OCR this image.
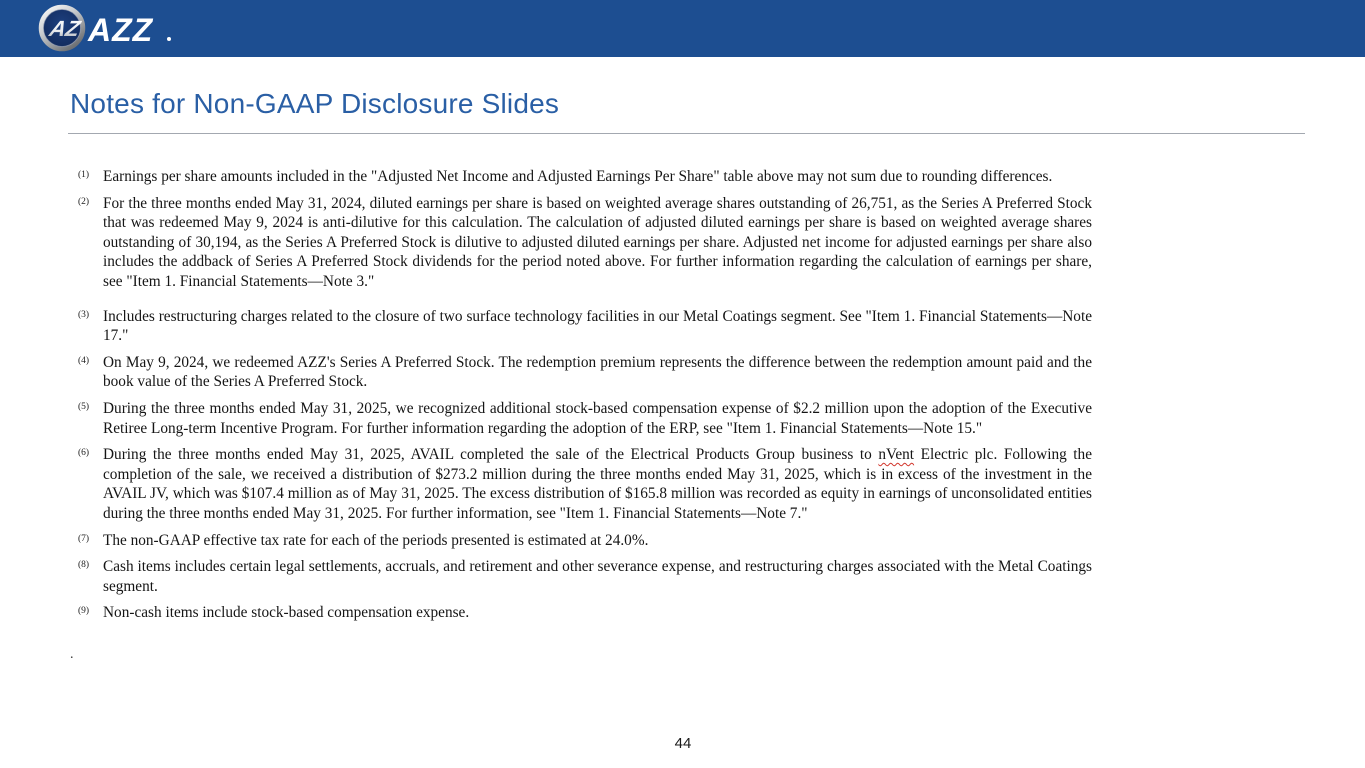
AZ AZZ
Notes for Non-GAAP Disclosure Slides
(1) Earnings per share amounts included in the "Adjusted Net Income and Adjusted Earnings Per Share" table above may not sum due to rounding differences.
(2) For the three months ended May 31, 2024, diluted earnings per share is based on weighted average shares outstanding of 26,751, as the Series A Preferred Stock that was redeemed May 9, 2024 is anti-dilutive for this calculation. The calculation of adjusted diluted earnings per share is based on weighted average shares outstanding of 30,194, as the Series A Preferred Stock is dilutive to adjusted diluted earnings per share. Adjusted net income for adjusted earnings per share also includes the addback of Series A Preferred Stock dividends for the period noted above. For further information regarding the calculation of earnings per share, see "Item 1. Financial Statements—Note 3."
(3) Includes restructuring charges related to the closure of two surface technology facilities in our Metal Coatings segment. See "Item 1. Financial Statements—Note 17."
(4) On May 9, 2024, we redeemed AZZ's Series A Preferred Stock. The redemption premium represents the difference between the redemption amount paid and the book value of the Series A Preferred Stock.
(5) During the three months ended May 31, 2025, we recognized additional stock-based compensation expense of $2.2 million upon the adoption of the Executive Retiree Long-term Incentive Program. For further information regarding the adoption of the ERP, see "Item 1. Financial Statements—Note 15."
(6) During the three months ended May 31, 2025, AVAIL completed the sale of the Electrical Products Group business to nVent Electric plc. Following the completion of the sale, we received a distribution of $273.2 million during the three months ended May 31, 2025, which is in excess of the investment in the AVAIL JV, which was $107.4 million as of May 31, 2025. The excess distribution of $165.8 million was recorded as equity in earnings of unconsolidated entities during the three months ended May 31, 2025. For further information, see "Item 1. Financial Statements—Note 7."
(7) The non-GAAP effective tax rate for each of the periods presented is estimated at 24.0%.
(8) Cash items includes certain legal settlements, accruals, and retirement and other severance expense, and restructuring charges associated with the Metal Coatings segment.
(9) Non-cash items include stock-based compensation expense.
.
44
